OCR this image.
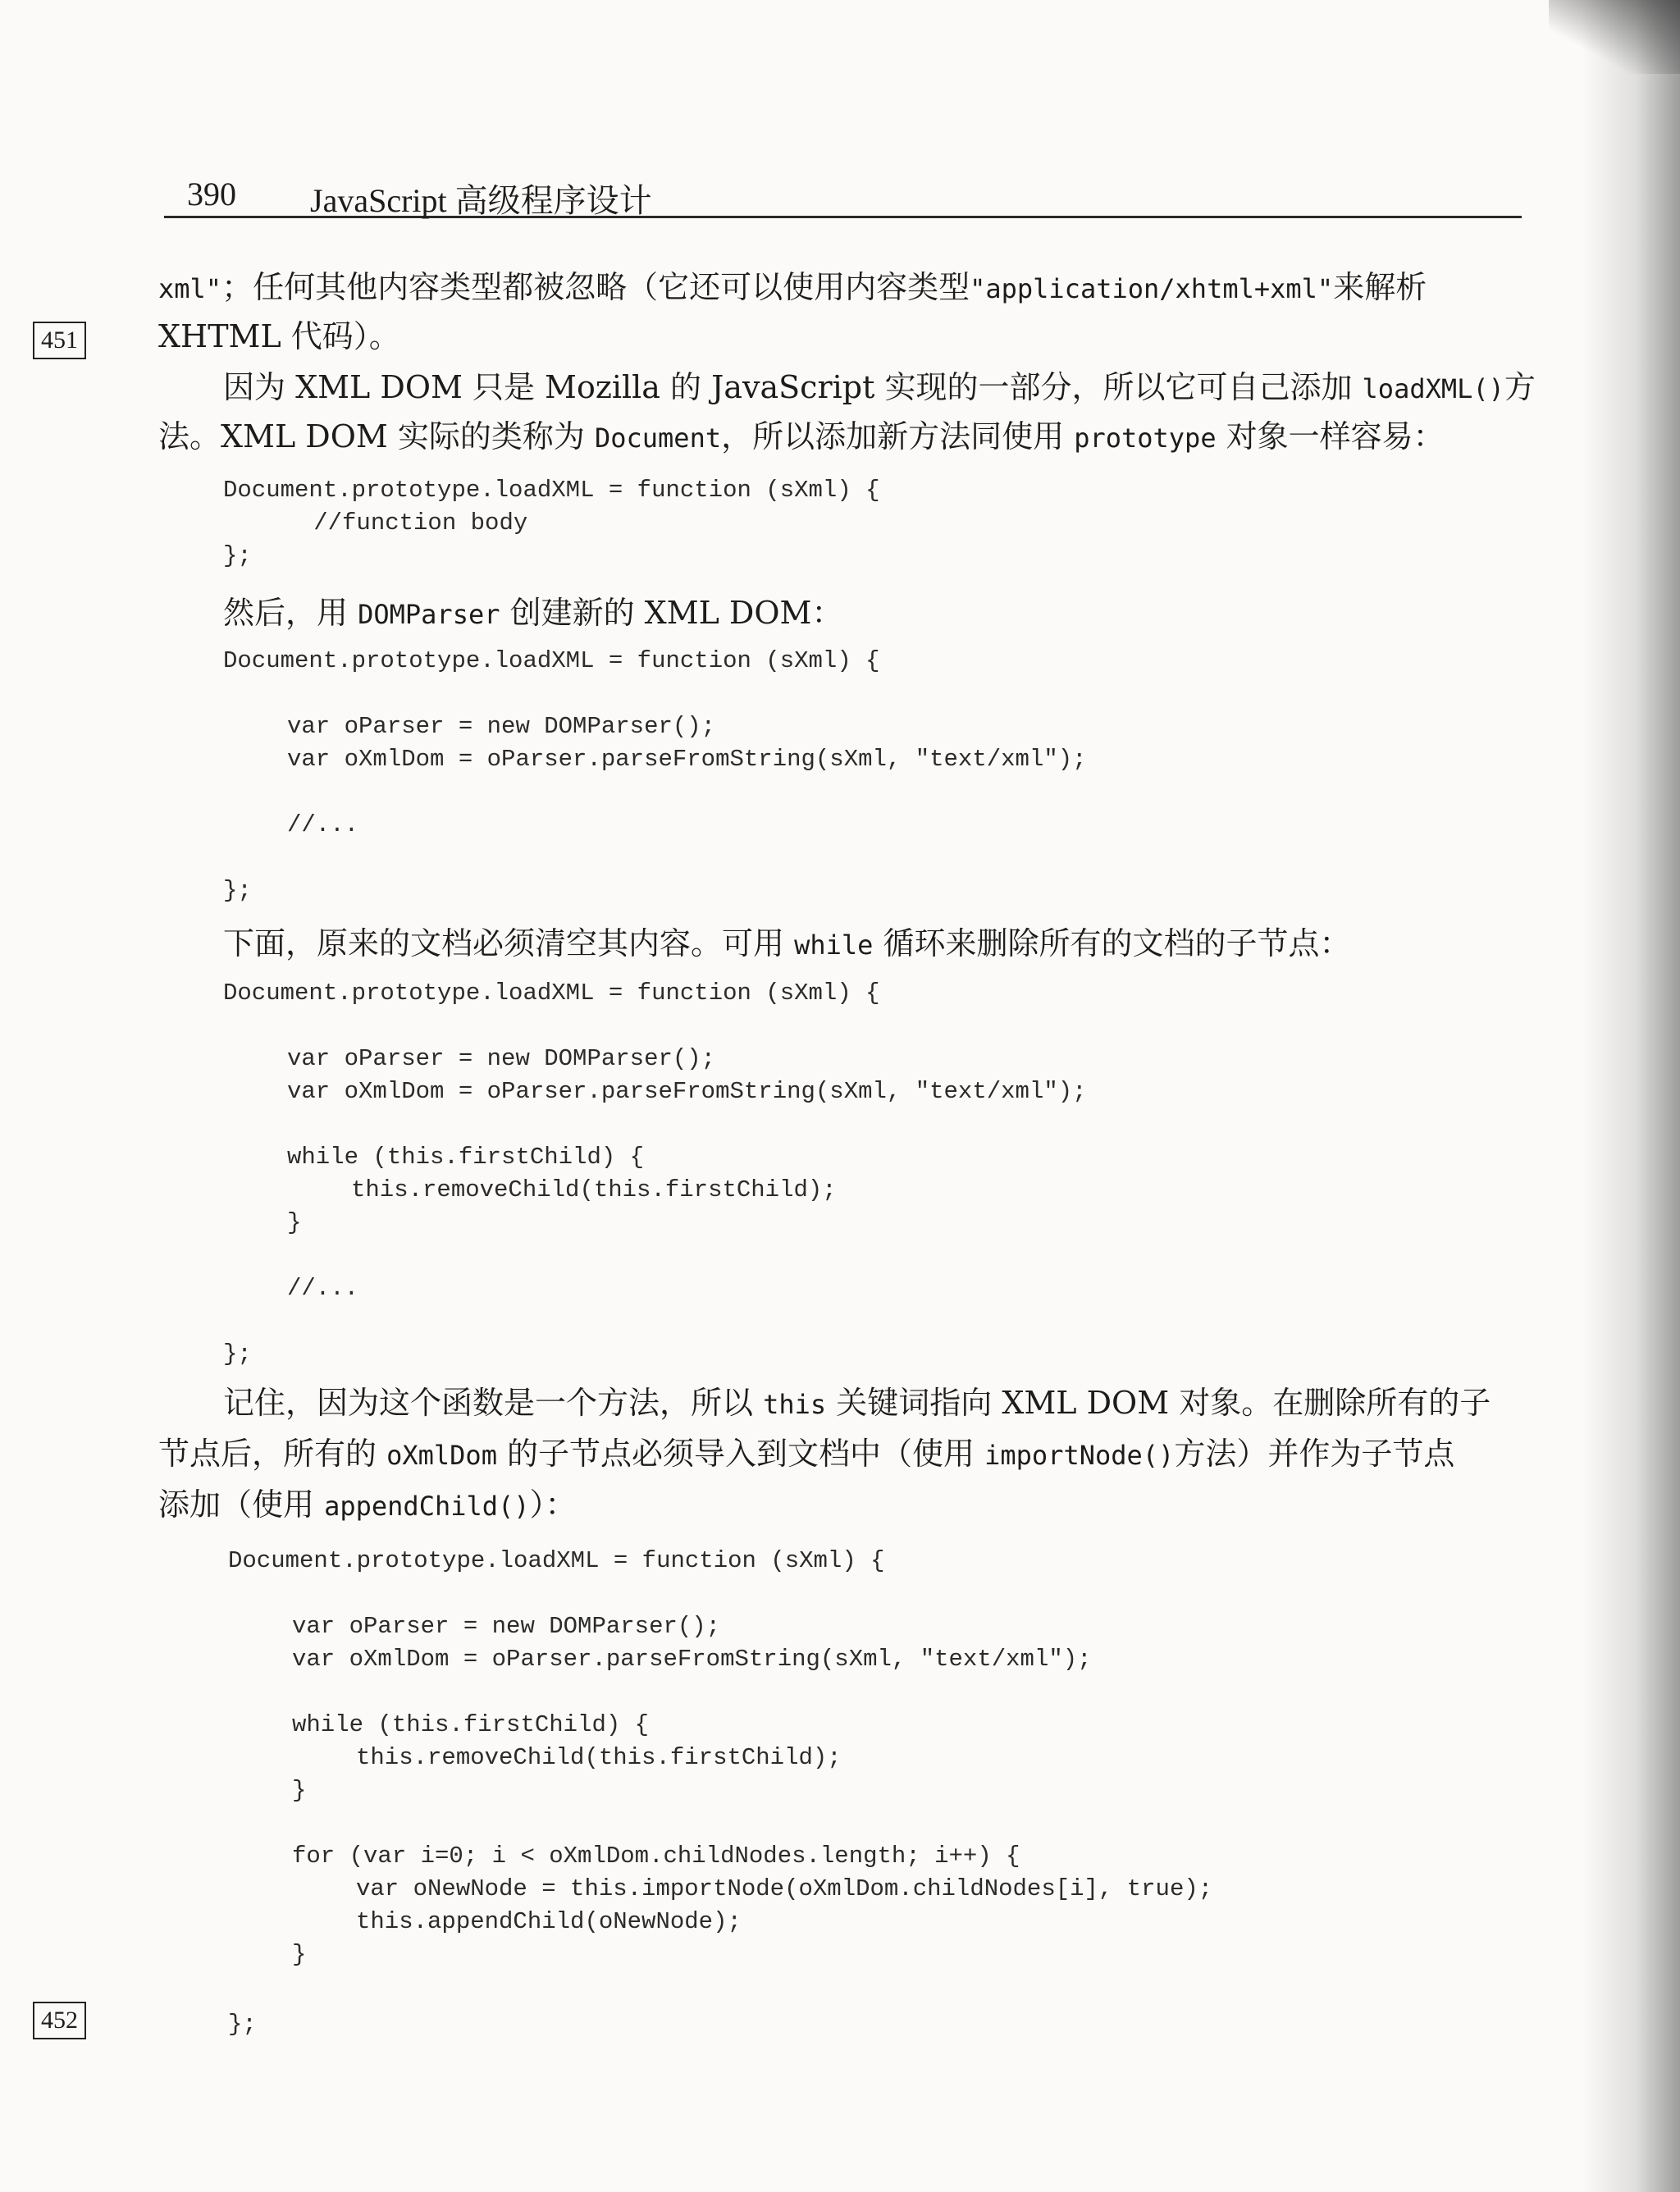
390 JavaScript 高级程序设计
451
452
xml"；任何其他内容类型都被忽略（它还可以使用内容类型"application/xhtml+xml"来解析
XHTML 代码）。
因为 XML DOM 只是 Mozilla 的 JavaScript 实现的一部分，所以它可自己添加 loadXML()方
法。XML DOM 实际的类称为 Document，所以添加新方法同使用 prototype 对象一样容易：
Document.prototype.loadXML = function (sXml) {
//function body
};
然后，用 DOMParser 创建新的 XML DOM：
Document.prototype.loadXML = function (sXml) {
var oParser = new DOMParser();
var oXmlDom = oParser.parseFromString(sXml, "text/xml");
//...
};
下面，原来的文档必须清空其内容。可用 while 循环来删除所有的文档的子节点：
Document.prototype.loadXML = function (sXml) {
var oParser = new DOMParser();
var oXmlDom = oParser.parseFromString(sXml, "text/xml");
while (this.firstChild) {
this.removeChild(this.firstChild);
}
//...
};
记住，因为这个函数是一个方法，所以 this 关键词指向 XML DOM 对象。在删除所有的子
节点后，所有的 oXmlDom 的子节点必须导入到文档中（使用 importNode()方法）并作为子节点
添加（使用 appendChild()）：
Document.prototype.loadXML = function (sXml) {
var oParser = new DOMParser();
var oXmlDom = oParser.parseFromString(sXml, "text/xml");
while (this.firstChild) {
this.removeChild(this.firstChild);
}
for (var i=0; i < oXmlDom.childNodes.length; i++) {
var oNewNode = this.importNode(oXmlDom.childNodes[i], true);
this.appendChild(oNewNode);
}
};
